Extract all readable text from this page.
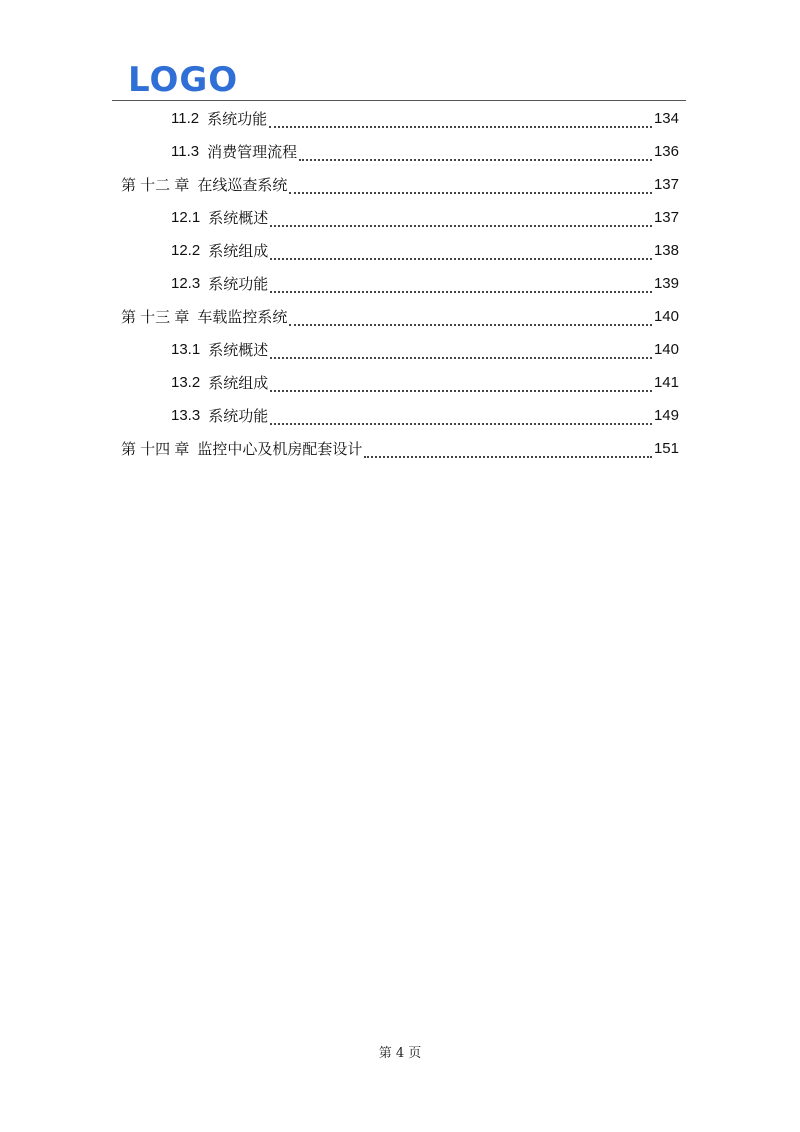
LOGO
11.2 系统功能	134
11.3 消费管理流程	136
第 十二 章 在线巡查系统	137
12.1 系统概述	137
12.2 系统组成	138
12.3 系统功能	139
第 十三 章 车载监控系统	140
13.1 系统概述	140
13.2 系统组成	141
13.3 系统功能	149
第 十四 章 监控中心及机房配套设计	151
第 4 页
